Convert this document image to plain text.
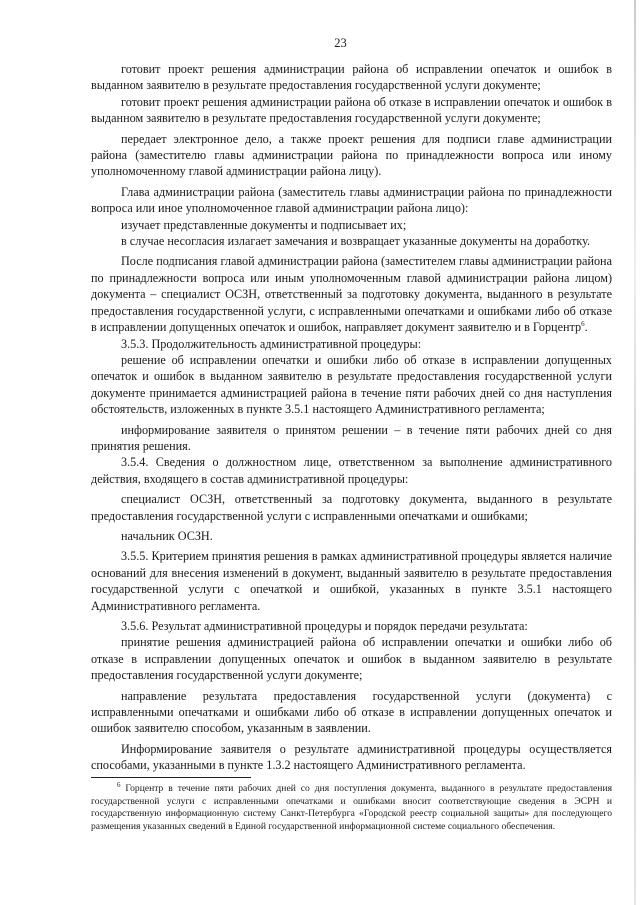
23

готовит проект решения администрации района об исправлении опечаток и ошибок в выданном заявителю в результате предоставления государственной услуги документе;

готовит проект решения администрации района об отказе в исправлении опечаток и ошибок в выданном заявителю в результате предоставления государственной услуги документе;

передает электронное дело, а также проект решения для подписи главе администрации района (заместителю главы администрации района по принадлежности вопроса или иному уполномоченному главой администрации района лицу).

Глава администрации района (заместитель главы администрации района по принадлежности вопроса или иное уполномоченное главой администрации района лицо):

изучает представленные документы и подписывает их;

в случае несогласия излагает замечания и возвращает указанные документы на доработку.

После подписания главой администрации района (заместителем главы администрации района по принадлежности вопроса или иным уполномоченным главой администрации района лицом) документа – специалист ОСЗН, ответственный за подготовку документа, выданного в результате предоставления государственной услуги, с исправленными опечатками и ошибками либо об отказе в исправлении допущенных опечаток и ошибок, направляет документ заявителю и в Горцентр$^6$.

3.5.3. Продолжительность административной процедуры:

решение об исправлении опечатки и ошибки либо об отказе в исправлении допущенных опечаток и ошибок в выданном заявителю в результате предоставления государственной услуги документе принимается администрацией района в течение пяти рабочих дней со дня наступления обстоятельств, изложенных в пункте 3.5.1 настоящего Административного регламента;

информирование заявителя о принятом решении – в течение пяти рабочих дней со дня принятия решения.

3.5.4. Сведения о должностном лице, ответственном за выполнение административного действия, входящего в состав административной процедуры:

специалист ОСЗН, ответственный за подготовку документа, выданного в результате предоставления государственной услуги с исправленными опечатками и ошибками;

начальник ОСЗН.

3.5.5. Критерием принятия решения в рамках административной процедуры является наличие оснований для внесения изменений в документ, выданный заявителю в результате предоставления государственной услуги с опечаткой и ошибкой, указанных в пункте 3.5.1 настоящего Административного регламента.

3.5.6. Результат административной процедуры и порядок передачи результата:

принятие решения администрацией района об исправлении опечатки и ошибки либо об отказе в исправлении допущенных опечаток и ошибок в выданном заявителю в результате предоставления государственной услуги документе;

направление результата предоставления государственной услуги (документа) с исправленными опечатками и ошибками либо об отказе в исправлении допущенных опечаток и ошибок заявителю способом, указанным в заявлении.

Информирование заявителя о результате административной процедуры осуществляется способами, указанными в пункте 1.3.2 настоящего Административного регламента.

$^6$ Горцентр в течение пяти рабочих дней со дня поступления документа, выданного в результате предоставления государственной услуги с исправленными опечатками и ошибками вносит соответствующие сведения в ЭСРН и государственную информационную систему Санкт-Петербурга «Городской реестр социальной защиты» для последующего размещения указанных сведений в Единой государственной информационной системе социального обеспечения.
